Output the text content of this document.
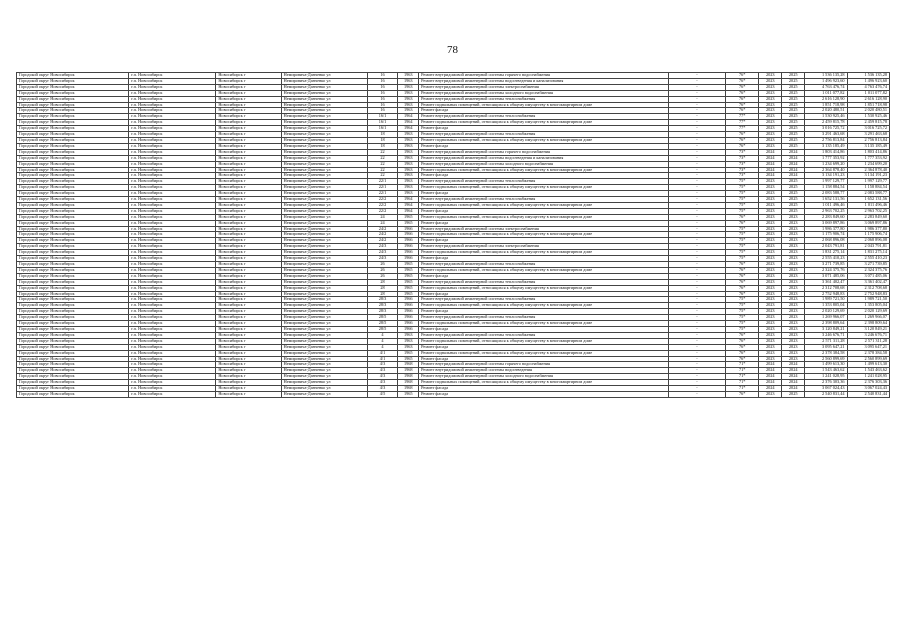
78
Городской округ Новосибирск	г.п. Новосибирск	Новосибирск г	Немировича-Данченко ул	16	1963	Ремонт внутридомовой инженерной системы горячего водоснабжения	-	76*	2023	2025	1 536 135,28	1 536 135,28
Городской округ Новосибирск	г.п. Новосибирск	Новосибирск г	Немировича-Данченко ул	16	1963	Ремонт внутридомовой инженерной системы водоотведения и канализования	-	76*	2023	2025	1 496 923,60	1 496 923,60
Городской округ Новосибирск	г.п. Новосибирск	Новосибирск г	Немировича-Данченко ул	16	1963	Ремонт внутридомовой инженерной системы электроснабжения	-	76*	2023	2025	4 763 476,74	4 763 476,74
Городской округ Новосибирск	г.п. Новосибирск	Новосибирск г	Немировича-Данченко ул	16	1963	Ремонт внутридомовой инженерной системы холодного водоснабжения	-	76*	2023	2025	1 011 077,82	1 011 077,82
Городской округ Новосибирск	г.п. Новосибирск	Новосибирск г	Немировича-Данченко ул	16	1963	Ремонт внутридомовой инженерной системы теплоснабжения	-	76*	2023	2025	2 616 128,90	2 616 128,90
Городской округ Новосибирск	г.п. Новосибирск	Новосибирск г	Немировича-Данченко ул	16	1963	Ремонт подвальных помещений, относящихся к общему имуществу в многоквартирном доме	-	76*	2023	2025	1 851 718,98	1 851 718,98
Городской округ Новосибирск	г.п. Новосибирск	Новосибирск г	Немировича-Данченко ул	16	1963	Ремонт фасада	-	76*	2023	2025	2 020 480,51	2 020 480,51
Городской округ Новосибирск	г.п. Новосибирск	Новосибирск г	Немировича-Данченко ул	16/1	1964	Ремонт внутридомовой инженерной системы теплоснабжения	-	77*	2023	2025	1 530 925,46	1 530 925,46
Городской округ Новосибирск	г.п. Новосибирск	Новосибирск г	Немировича-Данченко ул	16/1	1964	Ремонт подвальных помещений, относящихся к общему имуществу в многоквартирном доме	-	77*	2023	2025	2 459 815,78	2 459 815,78
Городской округ Новосибирск	г.п. Новосибирск	Новосибирск г	Немировича-Данченко ул	16/1	1964	Ремонт фасада	-	77*	2023	2025	3 016 725,72	3 016 725,72
Городской округ Новосибирск	г.п. Новосибирск	Новосибирск г	Немировича-Данченко ул	18	1963	Ремонт внутридомовой инженерной системы теплоснабжения	-	76*	2023	2025	3 291 463,68	3 291 463,68
Городской округ Новосибирск	г.п. Новосибирск	Новосибирск г	Немировича-Данченко ул	18	1963	Ремонт подвальных помещений, относящихся к общему имуществу в многоквартирном доме	-	76*	2023	2025	2 756 813,84	2 756 813,84
Городской округ Новосибирск	г.п. Новосибирск	Новосибирск г	Немировича-Данченко ул	18	1963	Ремонт фасада	-	76*	2023	2025	3 135 185,49	3 135 185,49
Городской округ Новосибирск	г.п. Новосибирск	Новосибирск г	Немировича-Данченко ул	22	1963	Ремонт внутридомовой инженерной системы горячего водоснабжения	-	73*	2024	2024	1 803 414,86	1 803 414,86
Городской округ Новосибирск	г.п. Новосибирск	Новосибирск г	Немировича-Данченко ул	22	1963	Ремонт внутридомовой инженерной системы водоотведения и канализования	-	73*	2024	2024	1 777 353,92	1 777 353,92
Городской округ Новосибирск	г.п. Новосибирск	Новосибирск г	Немировича-Данченко ул	22	1963	Ремонт внутридомовой инженерной системы холодного водоснабжения	-	73*	2024	2024	1 234 699,20	1 234 699,20
Городской округ Новосибирск	г.п. Новосибирск	Новосибирск г	Немировича-Данченко ул	22	1963	Ремонт подвальных помещений, относящихся к общему имуществу в многоквартирном доме	-	73*	2024	2024	2 364 878,40	2 364 878,40
Городской округ Новосибирск	г.п. Новосибирск	Новосибирск г	Немировича-Данченко ул	22	1963	Ремонт фасада	-	73*	2024	2024	3 134 191,23	3 134 191,23
Городской округ Новосибирск	г.п. Новосибирск	Новосибирск г	Немировича-Данченко ул	22/1	1963	Ремонт внутридомовой инженерной системы теплоснабжения	-	75*	2023	2025	1 997 129,77	1 997 129,77
Городской округ Новосибирск	г.п. Новосибирск	Новосибирск г	Немировича-Данченко ул	22/1	1963	Ремонт подвальных помещений, относящихся к общему имуществу в многоквартирном доме	-	75*	2023	2025	1 158 884,54	1 158 884,54
Городской округ Новосибирск	г.п. Новосибирск	Новосибирск г	Немировича-Данченко ул	22/1	1963	Ремонт фасада	-	75*	2023	2025	2 083 588,77	2 083 588,77
Городской округ Новосибирск	г.п. Новосибирск	Новосибирск г	Немировича-Данченко ул	22/2	1964	Ремонт внутридомовой инженерной системы теплоснабжения	-	75*	2023	2025	1 652 131,56	1 652 131,56
Городской округ Новосибирск	г.п. Новосибирск	Новосибирск г	Немировича-Данченко ул	22/2	1964	Ремонт подвальных помещений, относящихся к общему имуществу в многоквартирном доме	-	75*	2023	2025	1 011 496,46	1 011 496,46
Городской округ Новосибирск	г.п. Новосибирск	Новосибирск г	Немировича-Данченко ул	22/2	1964	Ремонт фасада	-	75*	2023	2025	2 963 702,25	2 963 702,25
Городской округ Новосибирск	г.п. Новосибирск	Новосибирск г	Немировича-Данченко ул	24	1965	Ремонт подвальных помещений, относящихся к общему имуществу в многоквартирном доме	-	76*	2023	2023	2 283 849,60	2 283 849,60
Городской округ Новосибирск	г.п. Новосибирск	Новосибирск г	Немировича-Данченко ул	24	1965	Ремонт фасада	-	76*	2023	2023	3 069 897,86	3 069 897,86
Городской округ Новосибирск	г.п. Новосибирск	Новосибирск г	Немировича-Данченко ул	24/2	1966	Ремонт внутридомовой инженерной системы электроснабжения	-	75*	2023	2023	1 986 377,80	1 986 377,80
Городской округ Новосибирск	г.п. Новосибирск	Новосибирск г	Немировича-Данченко ул	24/2	1966	Ремонт подвальных помещений, относящихся к общему имуществу в многоквартирном доме	-	75*	2023	2023	1 175 906,74	1 175 906,74
Городской округ Новосибирск	г.п. Новосибирск	Новосибирск г	Немировича-Данченко ул	24/2	1966	Ремонт фасада	-	75*	2023	2023	2 068 896,08	2 068 896,08
Городской округ Новосибирск	г.п. Новосибирск	Новосибирск г	Немировича-Данченко ул	24/3	1966	Ремонт внутридомовой инженерной системы электроснабжения	-	75*	2023	2023	2 043 791,81	2 043 791,81
Городской округ Новосибирск	г.п. Новосибирск	Новосибирск г	Немировича-Данченко ул	24/3	1966	Ремонт подвальных помещений, относящихся к общему имуществу в многоквартирном доме	-	75*	2023	2023	1 831 275,14	1 831 275,14
Городской округ Новосибирск	г.п. Новосибирск	Новосибирск г	Немировича-Данченко ул	24/3	1966	Ремонт фасада	-	75*	2023	2023	2 555 410,23	2 555 410,23
Городской округ Новосибирск	г.п. Новосибирск	Новосибирск г	Немировича-Данченко ул	26	1965	Ремонт внутридомовой инженерной системы теплоснабжения	-	76*	2023	2023	3 271 739,85	3 271 739,85
Городской округ Новосибирск	г.п. Новосибирск	Новосибирск г	Немировича-Данченко ул	26	1965	Ремонт подвальных помещений, относящихся к общему имуществу в многоквартирном доме	-	76*	2023	2023	2 324 375,76	2 324 375,76
Городской округ Новосибирск	г.п. Новосибирск	Новосибирск г	Немировича-Данченко ул	26	1965	Ремонт фасада	-	76*	2023	2023	3 071 485,06	3 071 485,06
Городской округ Новосибирск	г.п. Новосибирск	Новосибирск г	Немировича-Данченко ул	28	1965	Ремонт внутридомовой инженерной системы теплоснабжения	-	76*	2023	2023	3 361 402,47	3 361 402,47
Городской округ Новосибирск	г.п. Новосибирск	Новосибирск г	Немировича-Данченко ул	28	1965	Ремонт подвальных помещений, относящихся к общему имуществу в многоквартирном доме	-	76*	2023	2023	2 312 708,68	2 312 708,68
Городской округ Новосибирск	г.п. Новосибирск	Новосибирск г	Немировича-Данченко ул	28	1965	Ремонт фасада	-	76*	2023	2023	2 752 948,83	2 752 948,83
Городской округ Новосибирск	г.п. Новосибирск	Новосибирск г	Немировича-Данченко ул	28/3	1966	Ремонт внутридомовой инженерной системы теплоснабжения	-	75*	2023	2023	1 989 721,50	1 989 721,50
Городской округ Новосибирск	г.п. Новосибирск	Новосибирск г	Немировича-Данченко ул	28/3	1966	Ремонт подвальных помещений, относящихся к общему имуществу в многоквартирном доме	-	75*	2023	2023	1 353 805,04	1 353 805,04
Городской округ Новосибирск	г.п. Новосибирск	Новосибирск г	Немировича-Данченко ул	28/3	1966	Ремонт фасада	-	75*	2023	2023	2 020 129,69	2 020 129,69
Городской округ Новосибирск	г.п. Новосибирск	Новосибирск г	Немировича-Данченко ул	28/5	1966	Ремонт внутридомовой инженерной системы теплоснабжения	-	75*	2023	2023	1 269 966,07	1 269 966,07
Городской округ Новосибирск	г.п. Новосибирск	Новосибирск г	Немировича-Данченко ул	28/5	1966	Ремонт подвальных помещений, относящихся к общему имуществу в многоквартирном доме	-	75*	2023	2023	2 398 809,64	2 398 809,64
Городской округ Новосибирск	г.п. Новосибирск	Новосибирск г	Немировича-Данченко ул	28/5	1966	Ремонт фасада	-	75*	2023	2023	3 120 849,21	3 120 849,21
Городской округ Новосибирск	г.п. Новосибирск	Новосибирск г	Немировича-Данченко ул	4	1963	Ремонт внутридомовой инженерной системы теплоснабжения	-	76*	2023	2023	3 246 676,71	3 246 676,71
Городской округ Новосибирск	г.п. Новосибирск	Новосибирск г	Немировича-Данченко ул	4	1963	Ремонт подвальных помещений, относящихся к общему имуществу в многоквартирном доме	-	76*	2023	2023	2 571 311,28	2 571 311,28
Городской округ Новосибирск	г.п. Новосибирск	Новосибирск г	Немировича-Данченко ул	4	1963	Ремонт фасада	-	76*	2023	2023	3 095 647,21	3 095 647,21
Городской округ Новосибирск	г.п. Новосибирск	Новосибирск г	Немировича-Данченко ул	4/1	1965	Ремонт подвальных помещений, относящихся к общему имуществу в многоквартирном доме	-	76*	2023	2023	2 378 384,58	2 378 384,58
Городской округ Новосибирск	г.п. Новосибирск	Новосибирск г	Немировича-Данченко ул	4/1	1965	Ремонт фасада	-	76*	2023	2023	2 560 899,69	2 560 899,69
Городской округ Новосибирск	г.п. Новосибирск	Новосибирск г	Немировича-Данченко ул	4/3	1968	Ремонт внутридомовой инженерной системы горячего водоснабжения	-	71*	2024	2024	1 499 613,30	1 499 613,30
Городской округ Новосибирск	г.п. Новосибирск	Новосибирск г	Немировича-Данченко ул	4/3	1968	Ремонт внутридомовой инженерной системы водоотведения	-	71*	2024	2024	1 543 463,62	1 543 463,62
Городской округ Новосибирск	г.п. Новосибирск	Новосибирск г	Немировича-Данченко ул	4/3	1968	Ремонт внутридомовой инженерной системы холодного водоснабжения	-	71*	2024	2024	1 241 028,95	1 241 028,95
Городской округ Новосибирск	г.п. Новосибирск	Новосибирск г	Немировича-Данченко ул	4/3	1968	Ремонт подвальных помещений, относящихся к общему имуществу в многоквартирном доме	-	71*	2024	2024	2 376 303,36	2 376 303,36
Городской округ Новосибирск	г.п. Новосибирск	Новосибирск г	Немировича-Данченко ул	4/3	1968	Ремонт фасада	-	71*	2024	2024	3 067 024,43	3 067 024,43
Городской округ Новосибирск	г.п. Новосибирск	Новосибирск г	Немировича-Данченко ул	4/5	1965	Ремонт фасада	-	76*	2023	2025	2 540 831,44	2 540 831,44
